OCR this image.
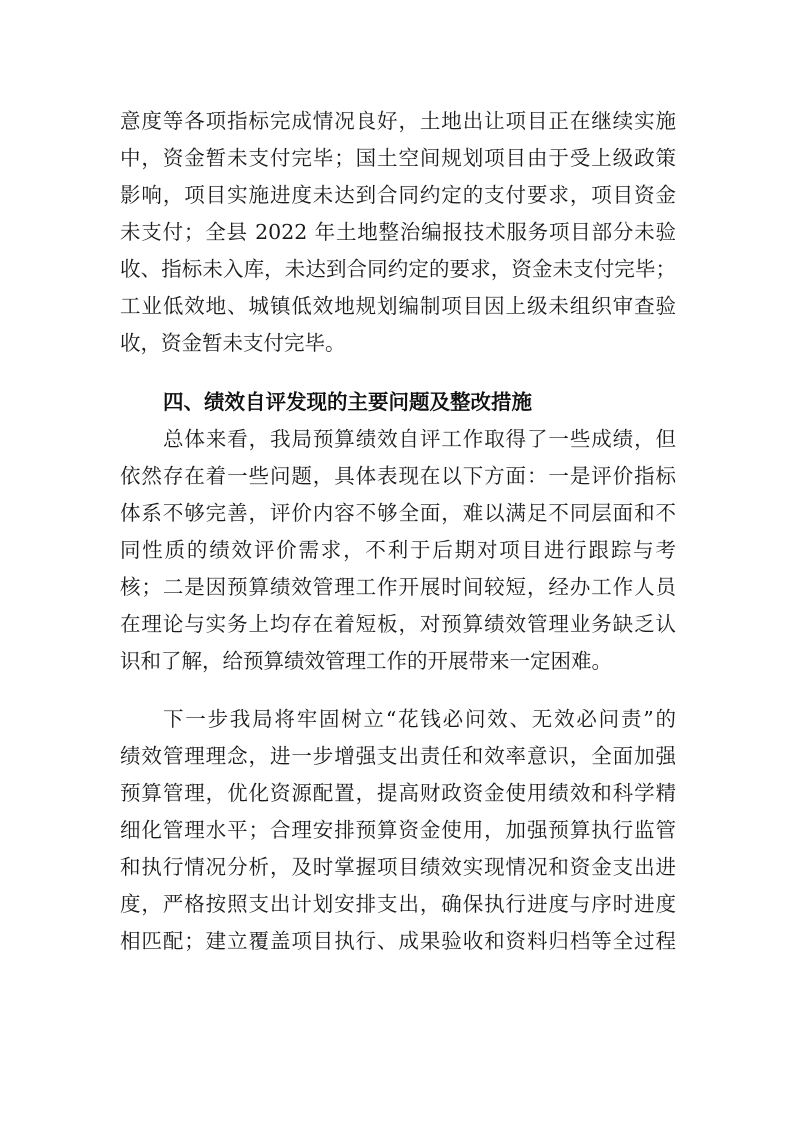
意度等各项指标完成情况良好，土地出让项目正在继续实施
中，资金暂未支付完毕；国土空间规划项目由于受上级政策
影响，项目实施进度未达到合同约定的支付要求，项目资金
未支付；全县 2022 年土地整治编报技术服务项目部分未验
收、指标未入库，未达到合同约定的要求，资金未支付完毕；
工业低效地、城镇低效地规划编制项目因上级未组织审查验
收，资金暂未支付完毕。
四、绩效自评发现的主要问题及整改措施
总体来看，我局预算绩效自评工作取得了一些成绩，但
依然存在着一些问题，具体表现在以下方面：一是评价指标
体系不够完善，评价内容不够全面，难以满足不同层面和不
同性质的绩效评价需求，不利于后期对项目进行跟踪与考
核；二是因预算绩效管理工作开展时间较短，经办工作人员
在理论与实务上均存在着短板，对预算绩效管理业务缺乏认
识和了解，给预算绩效管理工作的开展带来一定困难。
下一步我局将牢固树立“花钱必问效、无效必问责”的
绩效管理理念，进一步增强支出责任和效率意识，全面加强
预算管理，优化资源配置，提高财政资金使用绩效和科学精
细化管理水平；合理安排预算资金使用，加强预算执行监管
和执行情况分析，及时掌握项目绩效实现情况和资金支出进
度，严格按照支出计划安排支出，确保执行进度与序时进度
相匹配；建立覆盖项目执行、成果验收和资料归档等全过程
